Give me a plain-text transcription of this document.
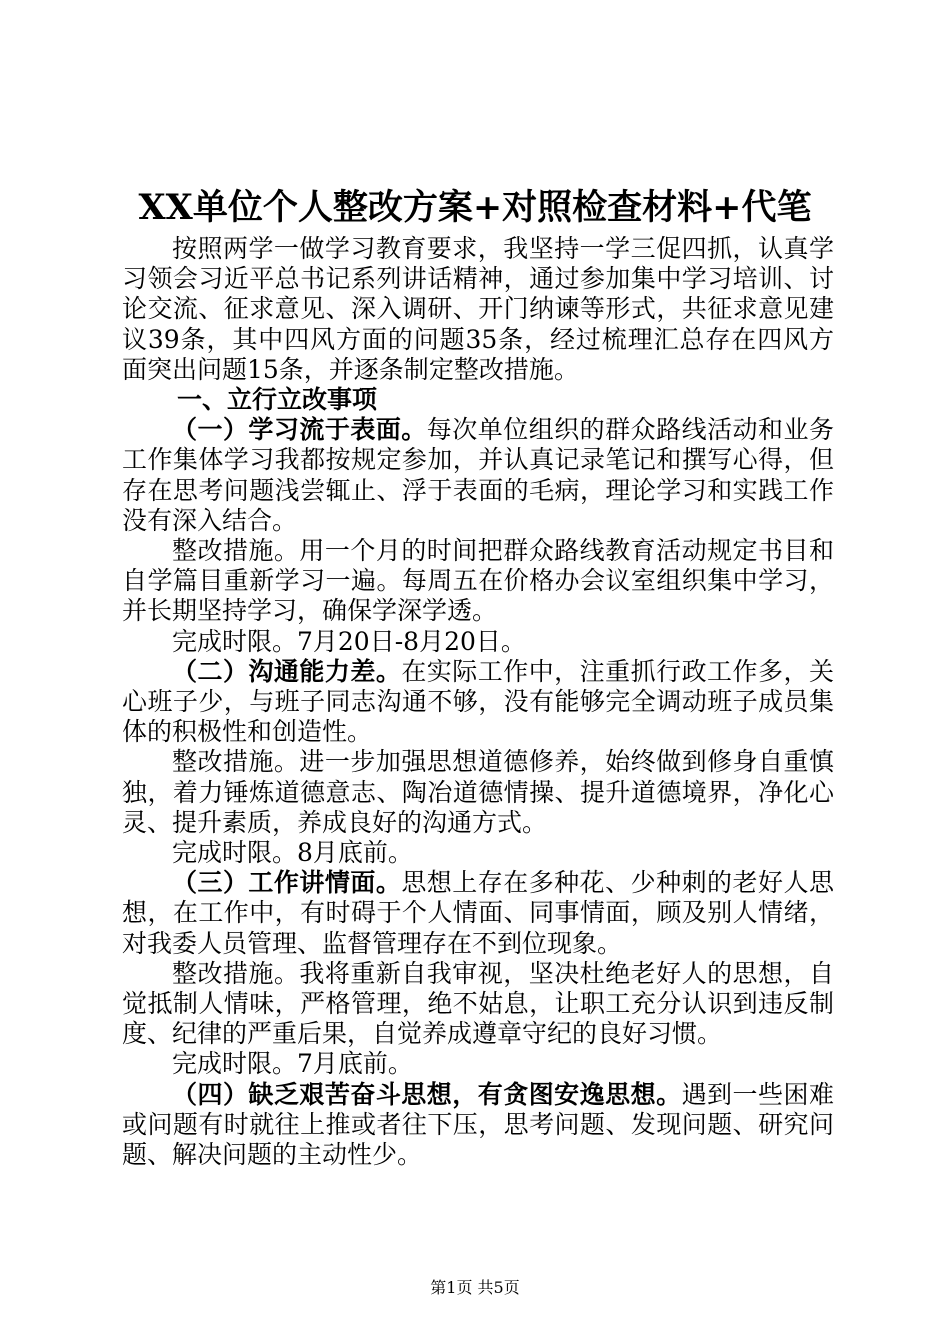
XX单位个人整改方案+对照检查材料+代笔

按照两学一做学习教育要求，我坚持一学三促四抓，认真学习领会习近平总书记系列讲话精神，通过参加集中学习培训、讨论交流、征求意见、深入调研、开门纳谏等形式，共征求意见建议39条，其中四风方面的问题35条，经过梳理汇总存在四风方面突出问题15条，并逐条制定整改措施。

一、立行立改事项

（一）学习流于表面。每次单位组织的群众路线活动和业务工作集体学习我都按规定参加，并认真记录笔记和撰写心得，但存在思考问题浅尝辄止、浮于表面的毛病，理论学习和实践工作没有深入结合。

整改措施。用一个月的时间把群众路线教育活动规定书目和自学篇目重新学习一遍。每周五在价格办会议室组织集中学习，并长期坚持学习，确保学深学透。

完成时限。7月20日-8月20日。

（二）沟通能力差。在实际工作中，注重抓行政工作多，关心班子少，与班子同志沟通不够，没有能够完全调动班子成员集体的积极性和创造性。

整改措施。进一步加强思想道德修养，始终做到修身自重慎独，着力锤炼道德意志、陶冶道德情操、提升道德境界，净化心灵、提升素质，养成良好的沟通方式。

完成时限。8月底前。

（三）工作讲情面。思想上存在多种花、少种刺的老好人思想，在工作中，有时碍于个人情面、同事情面，顾及别人情绪，对我委人员管理、监督管理存在不到位现象。

整改措施。我将重新自我审视，坚决杜绝老好人的思想，自觉抵制人情味，严格管理，绝不姑息，让职工充分认识到违反制度、纪律的严重后果，自觉养成遵章守纪的良好习惯。

完成时限。7月底前。

（四）缺乏艰苦奋斗思想，有贪图安逸思想。遇到一些困难或问题有时就往上推或者往下压，思考问题、发现问题、研究问题、解决问题的主动性少。

第1页 共5页
